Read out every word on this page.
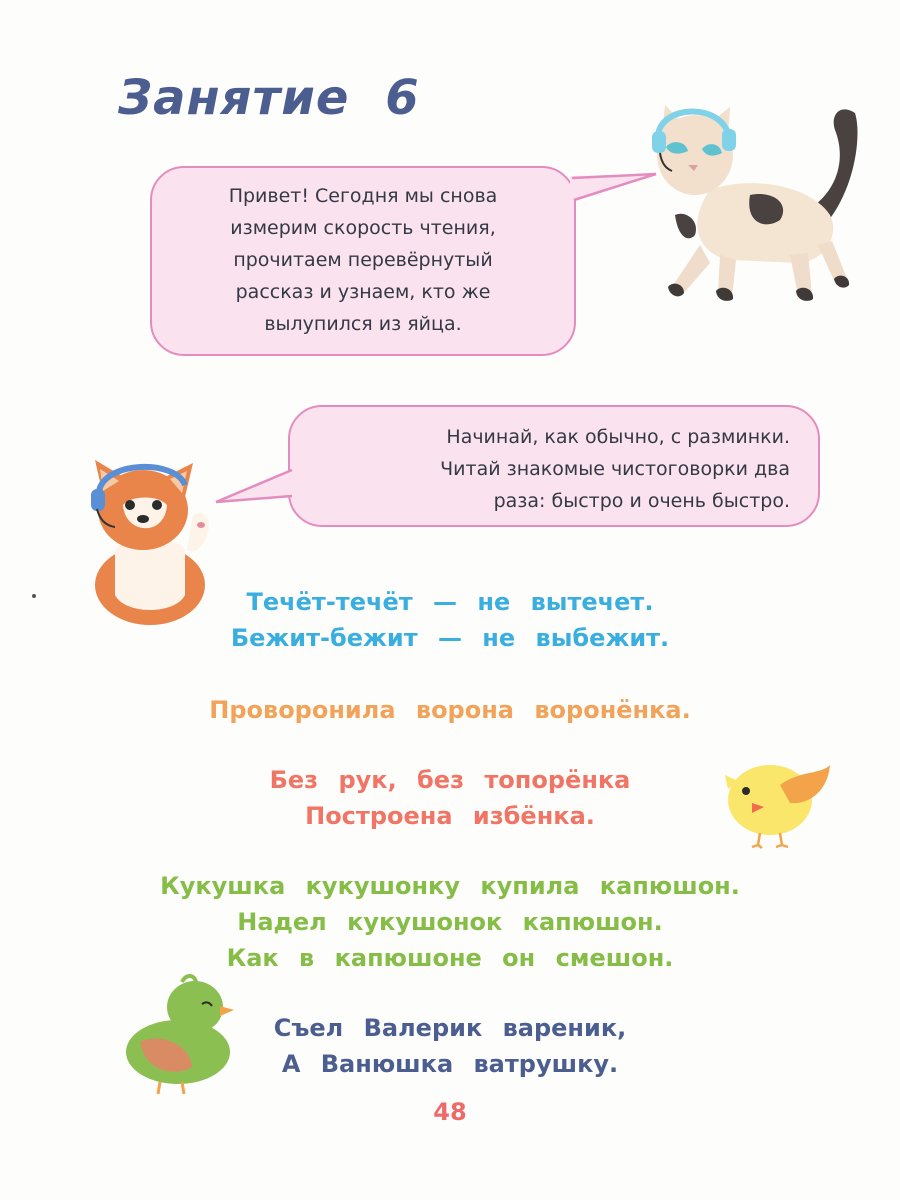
Занятие 6
Привет! Сегодня мы снова
измерим скорость чтения,
прочитаем перевёрнутый
рассказ и узнаем, кто же
вылупился из яйца.
Начинай, как обычно, с разминки.
Читай знакомые чистоговорки два
раза: быстро и очень быстро.
Течёт-течёт — не вытечет.
Бежит-бежит — не выбежит.
Проворонила ворона воронёнка.
Без рук, без топорёнка
Построена избёнка.
Кукушка кукушонку купила капюшон.
Надел кукушонок капюшон.
Как в капюшоне он смешон.
Съел Валерик вареник,
А Ванюшка ватрушку.
48
